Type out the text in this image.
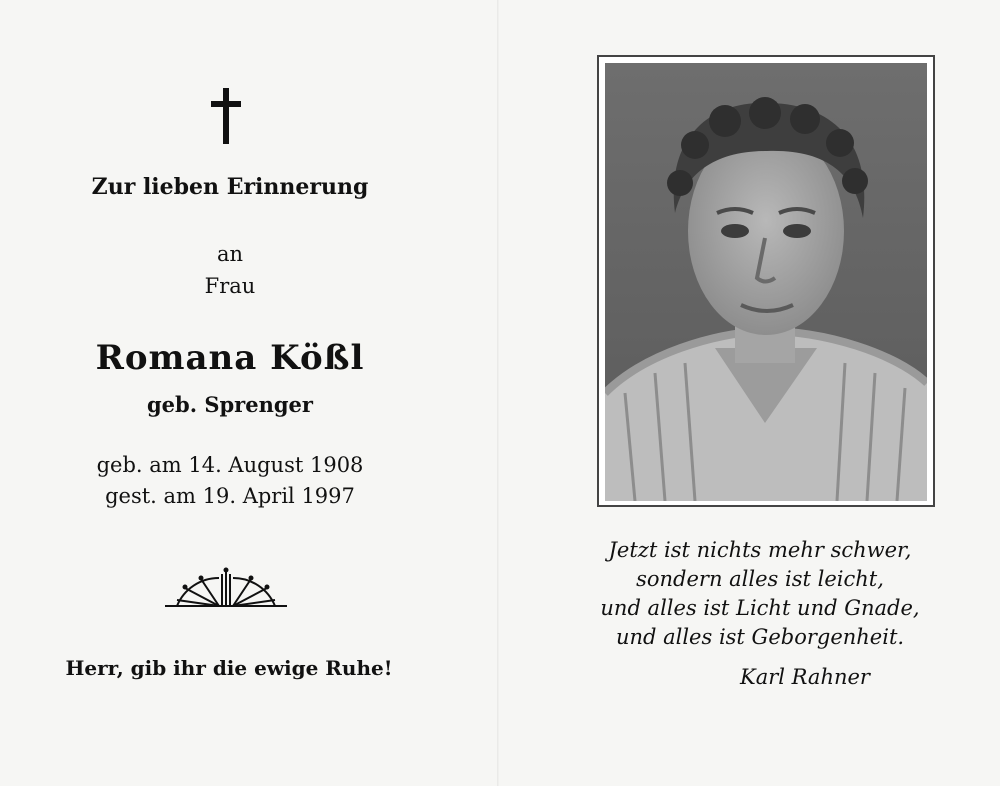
Zur lieben Erinnerung
an
Frau
Romana Kößl
geb. Sprenger
geb. am 14. August 1908
gest. am 19. April 1997
Herr, gib ihr die ewige Ruhe!
Jetzt ist nichts mehr schwer,
sondern alles ist leicht,
und alles ist Licht und Gnade,
und alles ist Geborgenheit.
Karl Rahner
